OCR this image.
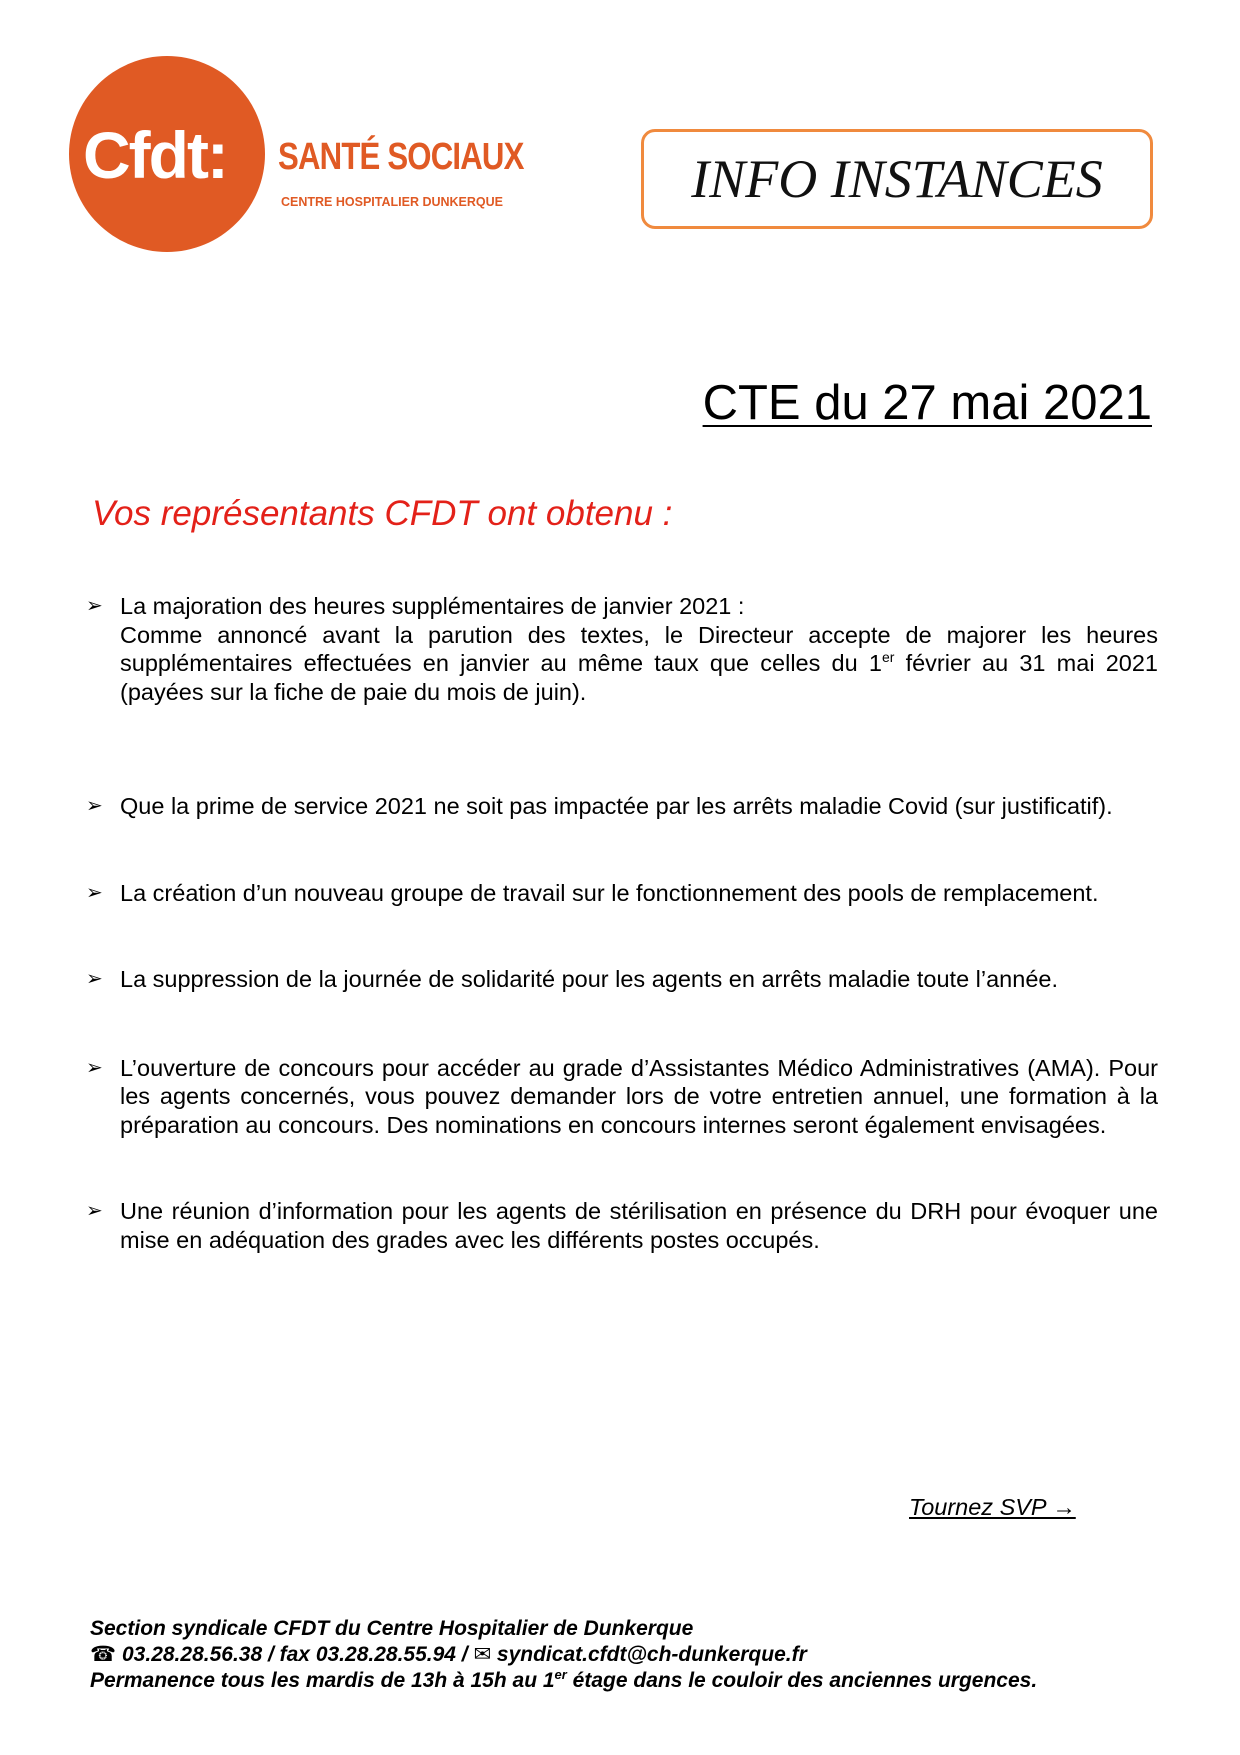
Cfdt: SANTÉ SOCIAUX
CENTRE HOSPITALIER DUNKERQUE	INFO INSTANCES
CTE du 27 mai 2021
Vos représentants CFDT ont obtenu :
➢ La majoration des heures supplémentaires de janvier 2021 :

Comme annoncé avant la parution des textes, le Directeur accepte de majorer les heures supplémentaires effectuées en janvier au même taux que celles du 1er février au 31 mai 2021 (payées sur la fiche de paie du mois de juin).

➢ Que la prime de service 2021 ne soit pas impactée par les arrêts maladie Covid (sur justificatif).

➢ La création d’un nouveau groupe de travail sur le fonctionnement des pools de remplacement.

➢ La suppression de la journée de solidarité pour les agents en arrêts maladie toute l’année.

➢ L’ouverture de concours pour accéder au grade d’Assistantes Médico Administratives (AMA). Pour les agents concernés, vous pouvez demander lors de votre entretien annuel, une formation à la préparation au concours. Des nominations en concours internes seront également envisagées.

➢ Une réunion d’information pour les agents de stérilisation en présence du DRH pour évoquer une mise en adéquation des grades avec les différents postes occupés.

Tournez SVP →
Section syndicale CFDT du Centre Hospitalier de Dunkerque
☎ 03.28.28.56.38 / fax 03.28.28.55.94 / ✉ syndicat.cfdt@ch-dunkerque.fr
Permanence tous les mardis de 13h à 15h au 1er étage dans le couloir des anciennes urgences.
